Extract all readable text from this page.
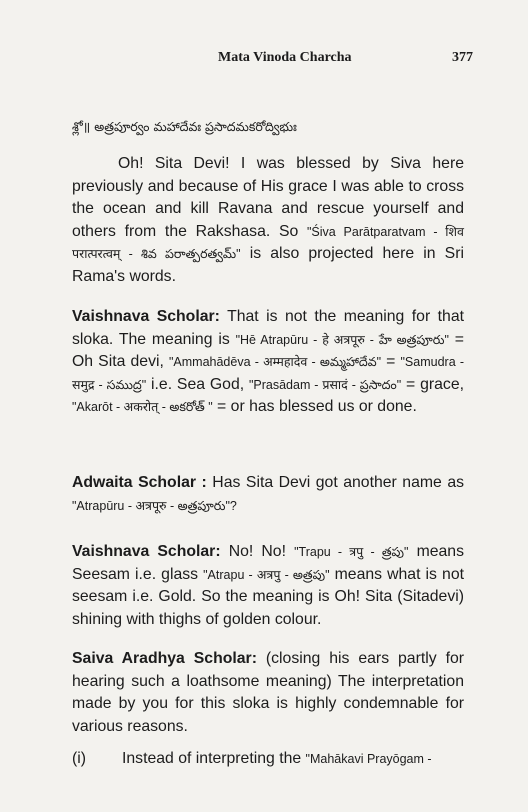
Mata Vinoda Charcha	377
శ్లో॥ అత్రపూర్వం మహాదేవః ప్రసాదమకరోద్విభుః
Oh! Sita Devi! I was blessed by Siva here previously and because of His grace I was able to cross the ocean and kill Ravana and rescue yourself and others from the Rakshasa. So "Śiva Parātparatvam - शिव परात्परत्वम् - శివ పరాత్పరత్వమ్" is also projected here in Sri Rama's words.
Vaishnava Scholar: That is not the meaning for that sloka. The meaning is "Hē Atrapūru - हे अत्रपूरु - హే అత్రపూరు" = Oh Sita devi, "Ammahādēva - अम्महादेव - అమ్మహాదేవ" = "Samudra - समुद्र - సముద్ర" i.e. Sea God, "Prasādam - प्रसादं - ప్రసాదం" = grace, "Akarōt - अकरोत् - అకరోత్ " = or has blessed us or done.
Adwaita Scholar : Has Sita Devi got another name as "Atrapūru - अत्रपूरु - అత్రపూరు"?
Vaishnava Scholar: No! No! "Trapu - त्रपु - త్రపు" means Seesam i.e. glass "Atrapu - अत्रपु - అత్రపు" means what is not seesam i.e. Gold. So the meaning is Oh! Sita (Sitadevi) shining with thighs of golden colour.
Saiva Aradhya Scholar: (closing his ears partly for hearing such a loathsome meaning) The interpretation made by you for this sloka is highly condemnable for various reasons.
(i) Instead of interpreting the "Mahākavi Prayōgam -
